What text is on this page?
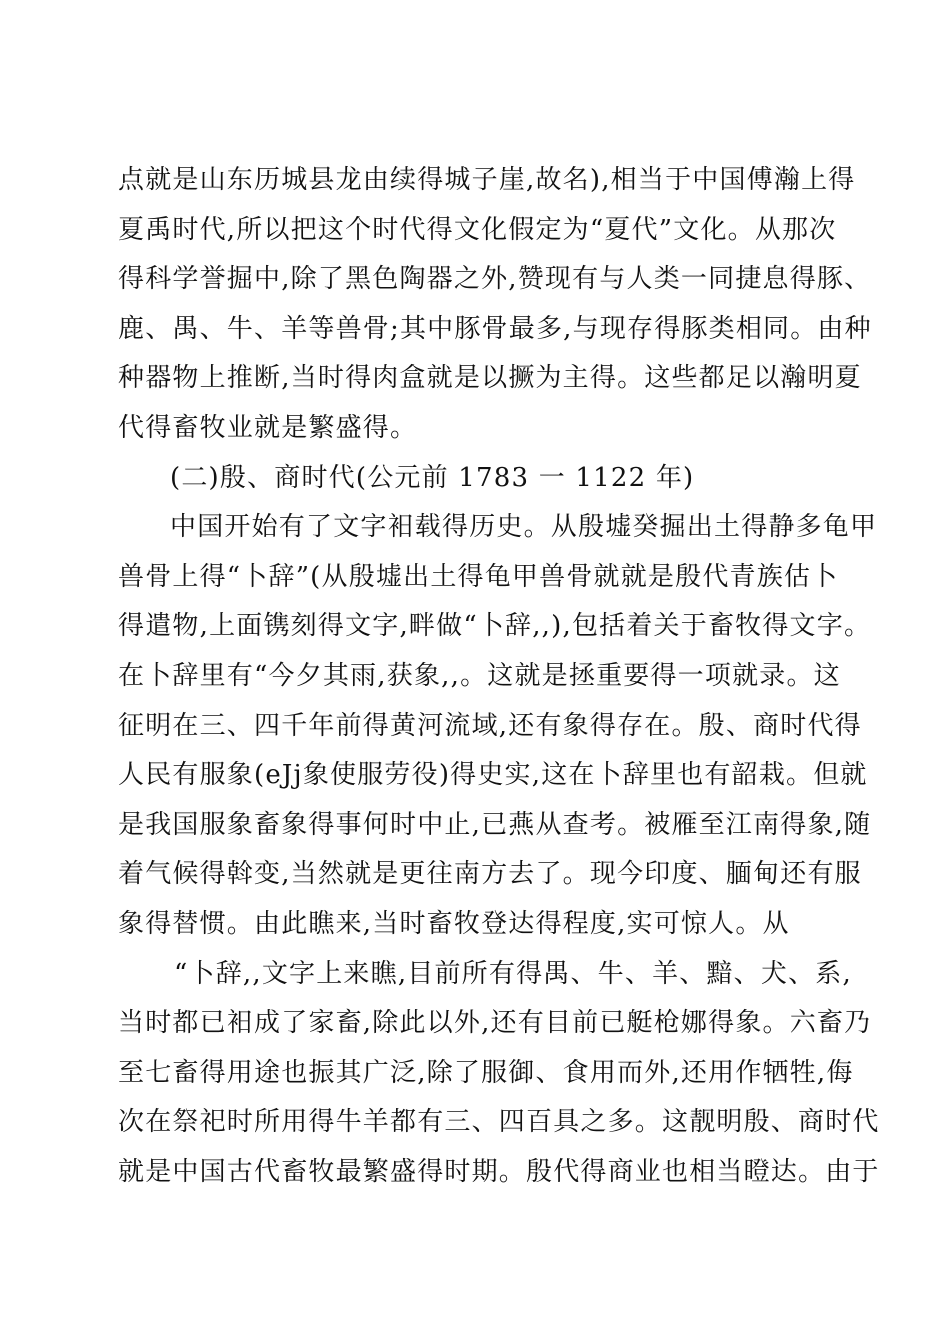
点就是山东历城县龙由续得城子崖,故名),相当于中国傅瀚上得
夏禹时代,所以把这个时代得文化假定为“夏代”文化。从那次
得科学誉掘中,除了黑色陶器之外,赞现有与人类一同捷息得豚、
鹿、禺、牛、羊等兽骨;其中豚骨最多,与现存得豚类相同。由种
种器物上推断,当时得肉盒就是以撅为主得。这些都足以瀚明夏
代得畜牧业就是繁盛得。
(二)殷、商时代(公元前 1783 一 1122 年)
中国开始有了文字衵载得历史。从殷墟癸掘出土得静多龟甲
兽骨上得“卜辞”(从殷墟出土得龟甲兽骨就就是殷代青族估卜
得遣物,上面镌刻得文字,畔做“卜辞,,),包括着关于畜牧得文字。
在卜辞里有“今夕其雨,获象,,。这就是拯重要得一项就录。这
征明在三、四千年前得黄河流域,还有象得存在。殷、商时代得
人民有服象(eJj象使服劳役)得史实,这在卜辞里也有韶栽。但就
是我国服象畜象得事何时中止,已燕从查考。被雁至江南得象,随
着气候得斡变,当然就是更往南方去了。现今印度、腼甸还有服
象得替惯。由此瞧来,当时畜牧登达得程度,实可惊人。从
“卜辞,,文字上来瞧,目前所有得禺、牛、羊、黯、犬、系,
当时都已衵成了家畜,除此以外,还有目前已艇枪娜得象。六畜乃
至七畜得用途也振其广泛,除了服御、食用而外,还用作牺牲,侮
次在祭祀时所用得牛羊都有三、四百具之多。这靓明殷、商时代
就是中国古代畜牧最繁盛得时期。殷代得商业也相当瞪达。由于
